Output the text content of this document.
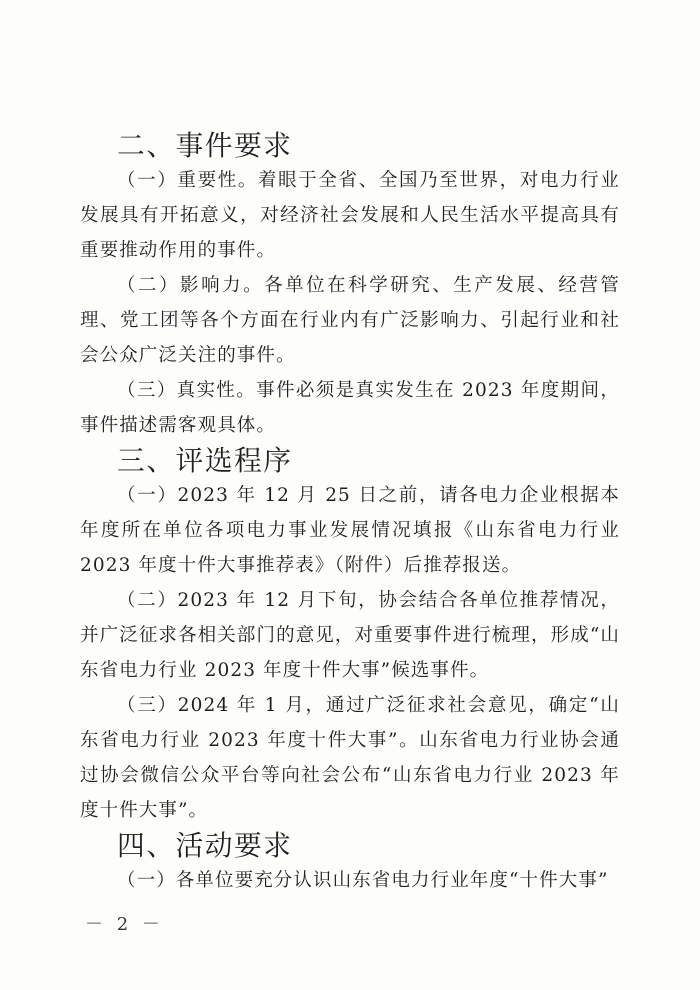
二、事件要求

（一）重要性。着眼于全省、全国乃至世界，对电力行业发展具有开拓意义，对经济社会发展和人民生活水平提高具有重要推动作用的事件。

（二）影响力。各单位在科学研究、生产发展、经营管理、党工团等各个方面在行业内有广泛影响力、引起行业和社会公众广泛关注的事件。

（三）真实性。事件必须是真实发生在 2023 年度期间，事件描述需客观具体。

三、评选程序

（一）2023 年 12 月 25 日之前，请各电力企业根据本年度所在单位各项电力事业发展情况填报《山东省电力行业 2023 年度十件大事推荐表》（附件）后推荐报送。

（二）2023 年 12 月下旬，协会结合各单位推荐情况，并广泛征求各相关部门的意见，对重要事件进行梳理，形成“山东省电力行业 2023 年度十件大事”候选事件。

（三）2024 年 1 月，通过广泛征求社会意见，确定“山东省电力行业 2023 年度十件大事”。山东省电力行业协会通过协会微信公众平台等向社会公布“山东省电力行业 2023 年度十件大事”。

四、活动要求

（一）各单位要充分认识山东省电力行业年度“十件大事”

－ 2 －
